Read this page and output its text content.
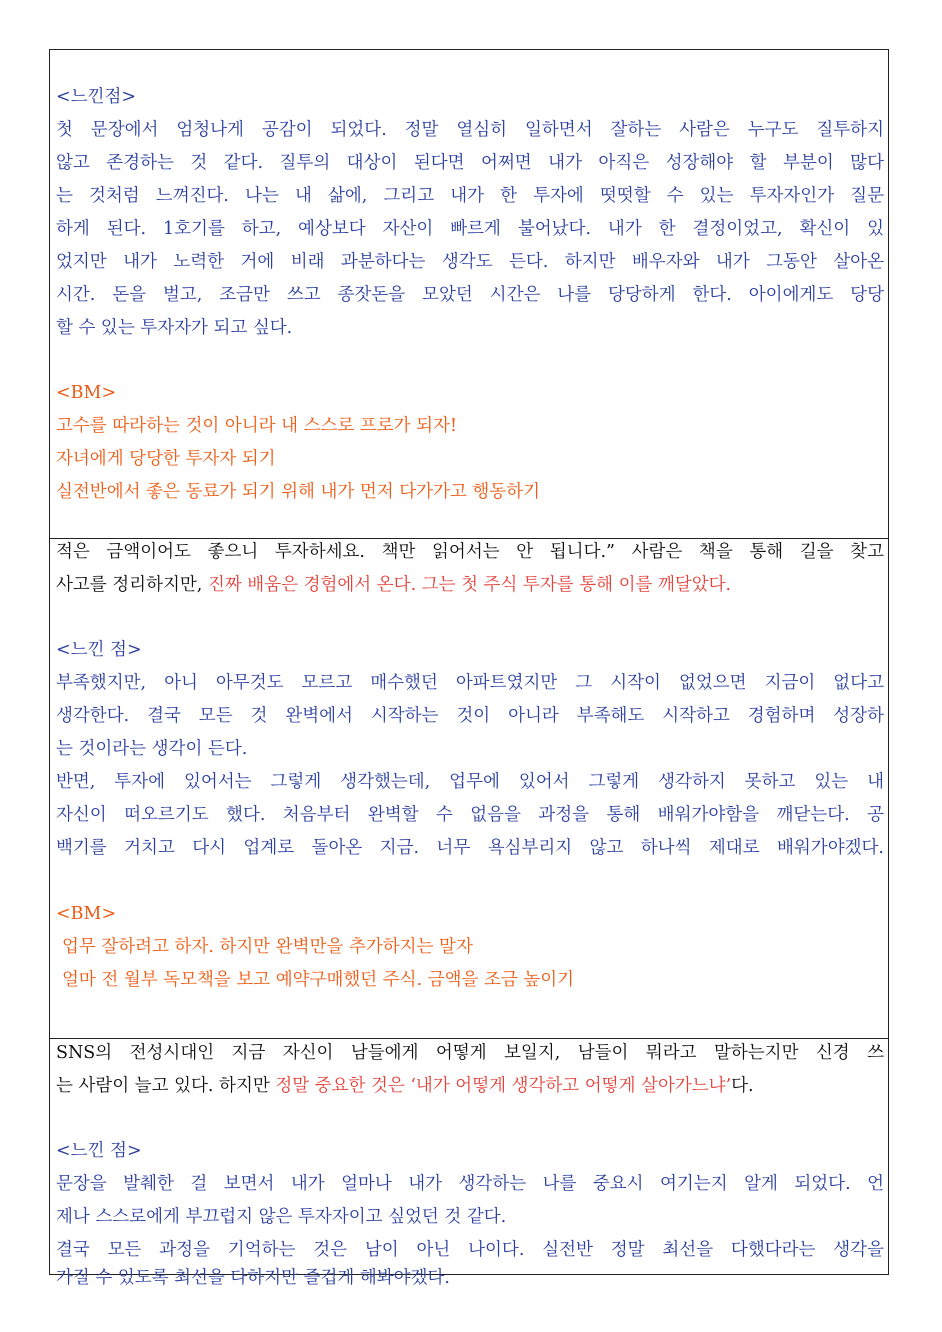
<느낀점>
첫 문장에서 엄청나게 공감이 되었다. 정말 열심히 일하면서 잘하는 사람은 누구도 질투하지
않고 존경하는 것 같다. 질투의 대상이 된다면 어쩌면 내가 아직은 성장해야 할 부분이 많다
는 것처럼 느껴진다. 나는 내 삶에, 그리고 내가 한 투자에 떳떳할 수 있는 투자자인가 질문
하게 된다. 1호기를 하고, 예상보다 자산이 빠르게 불어났다. 내가 한 결정이었고, 확신이 있
었지만 내가 노력한 거에 비래 과분하다는 생각도 든다. 하지만 배우자와 내가 그동안 살아온
시간. 돈을 벌고, 조금만 쓰고 종잣돈을 모았던 시간은 나를 당당하게 한다. 아이에게도 당당
할 수 있는 투자자가 되고 싶다.
<BM>
고수를 따라하는 것이 아니라 내 스스로 프로가 되자!
자녀에게 당당한 투자자 되기
실전반에서 좋은 동료가 되기 위해 내가 먼저 다가가고 행동하기
적은 금액이어도 좋으니 투자하세요. 책만 읽어서는 안 됩니다.” 사람은 책을 통해 길을 찾고
사고를 정리하지만, 진짜 배움은 경험에서 온다. 그는 첫 주식 투자를 통해 이를 깨달았다.
<느낀 점>
부족했지만, 아니 아무것도 모르고 매수했던 아파트였지만 그 시작이 없었으면 지금이 없다고
생각한다. 결국 모든 것 완벽에서 시작하는 것이 아니라 부족해도 시작하고 경험하며 성장하
는 것이라는 생각이 든다.
반면, 투자에 있어서는 그렇게 생각했는데, 업무에 있어서 그렇게 생각하지 못하고 있는 내
자신이 떠오르기도 했다. 처음부터 완벽할 수 없음을 과정을 통해 배워가야함을 깨닫는다. 공
백기를 거치고 다시 업계로 돌아온 지금. 너무 욕심부리지 않고 하나씩 제대로 배워가야겠다.
<BM>
업무 잘하려고 하자. 하지만 완벽만을 추가하지는 말자
얼마 전 월부 독모책을 보고 예약구매했던 주식. 금액을 조금 높이기
SNS의 전성시대인 지금 자신이 남들에게 어떻게 보일지, 남들이 뭐라고 말하는지만 신경 쓰
는 사람이 늘고 있다. 하지만 정말 중요한 것은 ‘내가 어떻게 생각하고 어떻게 살아가느냐’다.
<느낀 점>
문장을 발췌한 걸 보면서 내가 얼마나 내가 생각하는 나를 중요시 여기는지 알게 되었다. 언
제나 스스로에게 부끄럽지 않은 투자자이고 싶었던 것 같다.
결국 모든 과정을 기억하는 것은 남이 아닌 나이다. 실전반 정말 최선을 다했다라는 생각을
가질 수 있도록 최선을 다하지만 즐겁게 해봐야겠다.
